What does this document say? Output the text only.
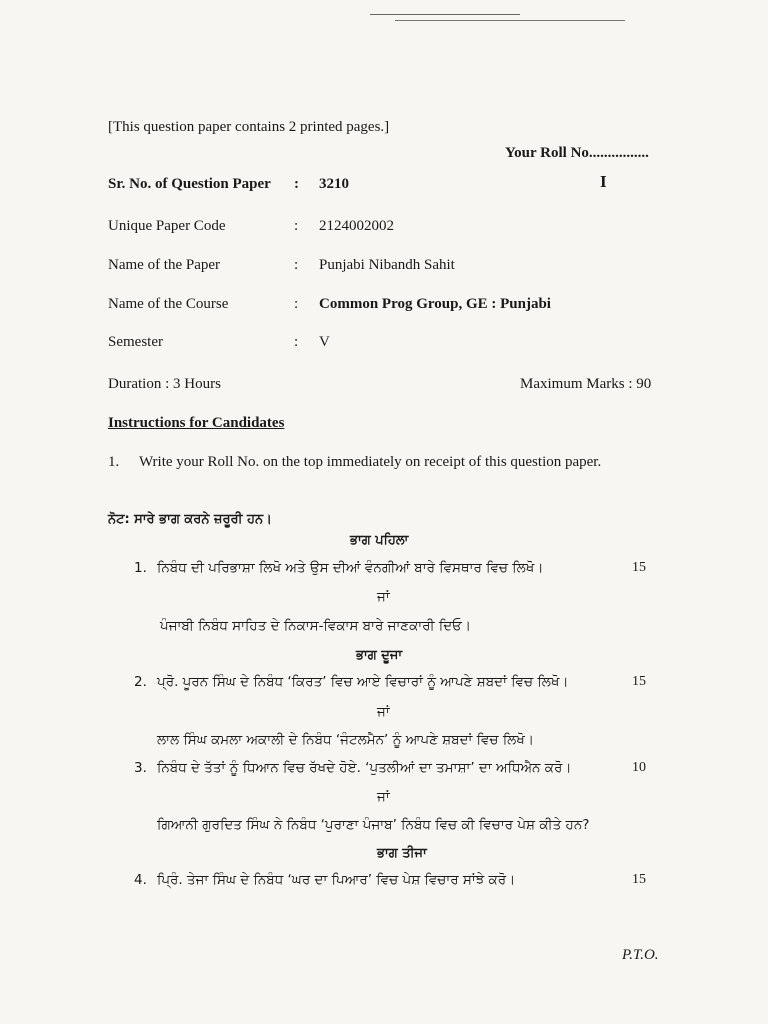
[This question paper contains 2 printed pages.]
Your Roll No................
I
Sr. No. of Question Paper : 3210
Unique Paper Code	: 2124002002
Name of the Paper	: Punjabi Nibandh Sahit
Name of the Course	: Common Prog Group, GE : Punjabi
Semester	: V
Duration : 3 Hours	Maximum Marks : 90
Instructions for Candidates
1. Write your Roll No. on the top immediately on receipt of this question paper.
ਨੋਟ: ਸਾਰੇ ਭਾਗ ਕਰਨੇ ਜ਼ਰੂਰੀ ਹਨ।
ਭਾਗ ਪਹਿਲਾ
1. ਨਿਬੰਧ ਦੀ ਪਰਿਭਾਸ਼ਾ ਲਿਖੋ ਅਤੇ ਉਸ ਦੀਆਂ ਵੰਨਗੀਆਂ ਬਾਰੇ ਵਿਸਥਾਰ ਵਿਚ ਲਿਖੋ।	15
ਜਾਂ
ਪੰਜਾਬੀ ਨਿਬੰਧ ਸਾਹਿਤ ਦੇ ਨਿਕਾਸ-ਵਿਕਾਸ ਬਾਰੇ ਜਾਣਕਾਰੀ ਦਿਓ।
ਭਾਗ ਦੂਜਾ
2. ਪ੍ਰੋ. ਪੂਰਨ ਸਿੰਘ ਦੇ ਨਿਬੰਧ ‘ਕਿਰਤ’ ਵਿਚ ਆਏ ਵਿਚਾਰਾਂ ਨੂੰ ਆਪਣੇ ਸ਼ਬਦਾਂ ਵਿਚ ਲਿਖੋ।	15
ਜਾਂ
ਲਾਲ ਸਿੰਘ ਕਮਲਾ ਅਕਾਲੀ ਦੇ ਨਿਬੰਧ ‘ਜੰਟਲਮੈਨ’ ਨੂੰ ਆਪਣੇ ਸ਼ਬਦਾਂ ਵਿਚ ਲਿਖੋ।
3. ਨਿਬੰਧ ਦੇ ਤੱਤਾਂ ਨੂੰ ਧਿਆਨ ਵਿਚ ਰੱਖਦੇ ਹੋਏ. ‘ਪੁਤਲੀਆਂ ਦਾ ਤਮਾਸ਼ਾ’ ਦਾ ਅਧਿਐਨ ਕਰੋ।	10
ਜਾਂ
ਗਿਆਨੀ ਗੁਰਦਿਤ ਸਿੰਘ ਨੇ ਨਿਬੰਧ ‘ਪੁਰਾਣਾ ਪੰਜਾਬ’ ਨਿਬੰਧ ਵਿਚ ਕੀ ਵਿਚਾਰ ਪੇਸ਼ ਕੀਤੇ ਹਨ?
ਭਾਗ ਤੀਜਾ
4. ਪ੍ਰਿੰ. ਤੇਜਾ ਸਿੰਘ ਦੇ ਨਿਬੰਧ ‘ਘਰ ਦਾ ਪਿਆਰ’ ਵਿਚ ਪੇਸ਼ ਵਿਚਾਰ ਸਾਂਝੇ ਕਰੋ।	15
P.T.O.
